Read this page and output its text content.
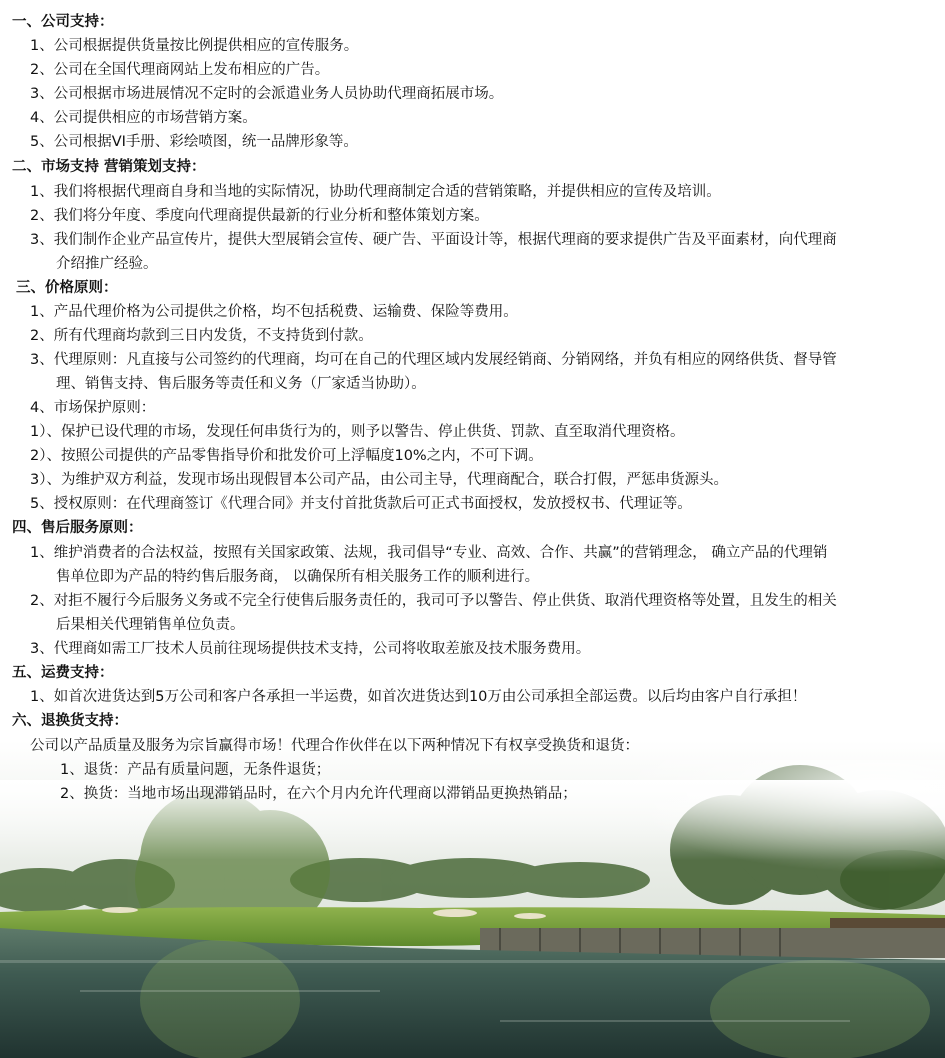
一、公司支持：
1、公司根据提供货量按比例提供相应的宣传服务。
2、公司在全国代理商网站上发布相应的广告。
3、公司根据市场进展情况不定时的会派遣业务人员协助代理商拓展市场。
4、公司提供相应的市场营销方案。
5、公司根据VI手册、彩绘喷图，统一品牌形象等。
二、市场支持 营销策划支持：
1、我们将根据代理商自身和当地的实际情况，协助代理商制定合适的营销策略，并提供相应的宣传及培训。
2、我们将分年度、季度向代理商提供最新的行业分析和整体策划方案。
3、我们制作企业产品宣传片，提供大型展销会宣传、硬广告、平面设计等，根据代理商的要求提供广告及平面素材，向代理商
介绍推广经验。
三、价格原则：
1、产品代理价格为公司提供之价格，均不包括税费、运输费、保险等费用。
2、所有代理商均款到三日内发货，不支持货到付款。
3、代理原则：凡直接与公司签约的代理商，均可在自己的代理区域内发展经销商、分销网络，并负有相应的网络供货、督导管
理、销售支持、售后服务等责任和义务（厂家适当协助）。
4、市场保护原则：
1）、保护已设代理的市场，发现任何串货行为的，则予以警告、停止供货、罚款、直至取消代理资格。
2）、按照公司提供的产品零售指导价和批发价可上浮幅度10%之内，不可下调。
3）、为维护双方利益，发现市场出现假冒本公司产品，由公司主导，代理商配合，联合打假，严惩串货源头。
5、授权原则：在代理商签订《代理合同》并支付首批货款后可正式书面授权，发放授权书、代理证等。
四、售后服务原则：
1、维护消费者的合法权益，按照有关国家政策、法规，我司倡导“专业、高效、合作、共赢”的营销理念， 确立产品的代理销
售单位即为产品的特约售后服务商， 以确保所有相关服务工作的顺利进行。
2、对拒不履行今后服务义务或不完全行使售后服务责任的，我司可予以警告、停止供货、取消代理资格等处置，且发生的相关
后果相关代理销售单位负责。
3、代理商如需工厂技术人员前往现场提供技术支持，公司将收取差旅及技术服务费用。
五、运费支持：
1、如首次进货达到5万公司和客户各承担一半运费，如首次进货达到10万由公司承担全部运费。以后均由客户自行承担！
六、退换货支持：
公司以产品质量及服务为宗旨赢得市场！代理合作伙伴在以下两种情况下有权享受换货和退货：
1、退货：产品有质量问题，无条件退货；
2、换货：当地市场出现滞销品时，在六个月内允许代理商以滞销品更换热销品；
